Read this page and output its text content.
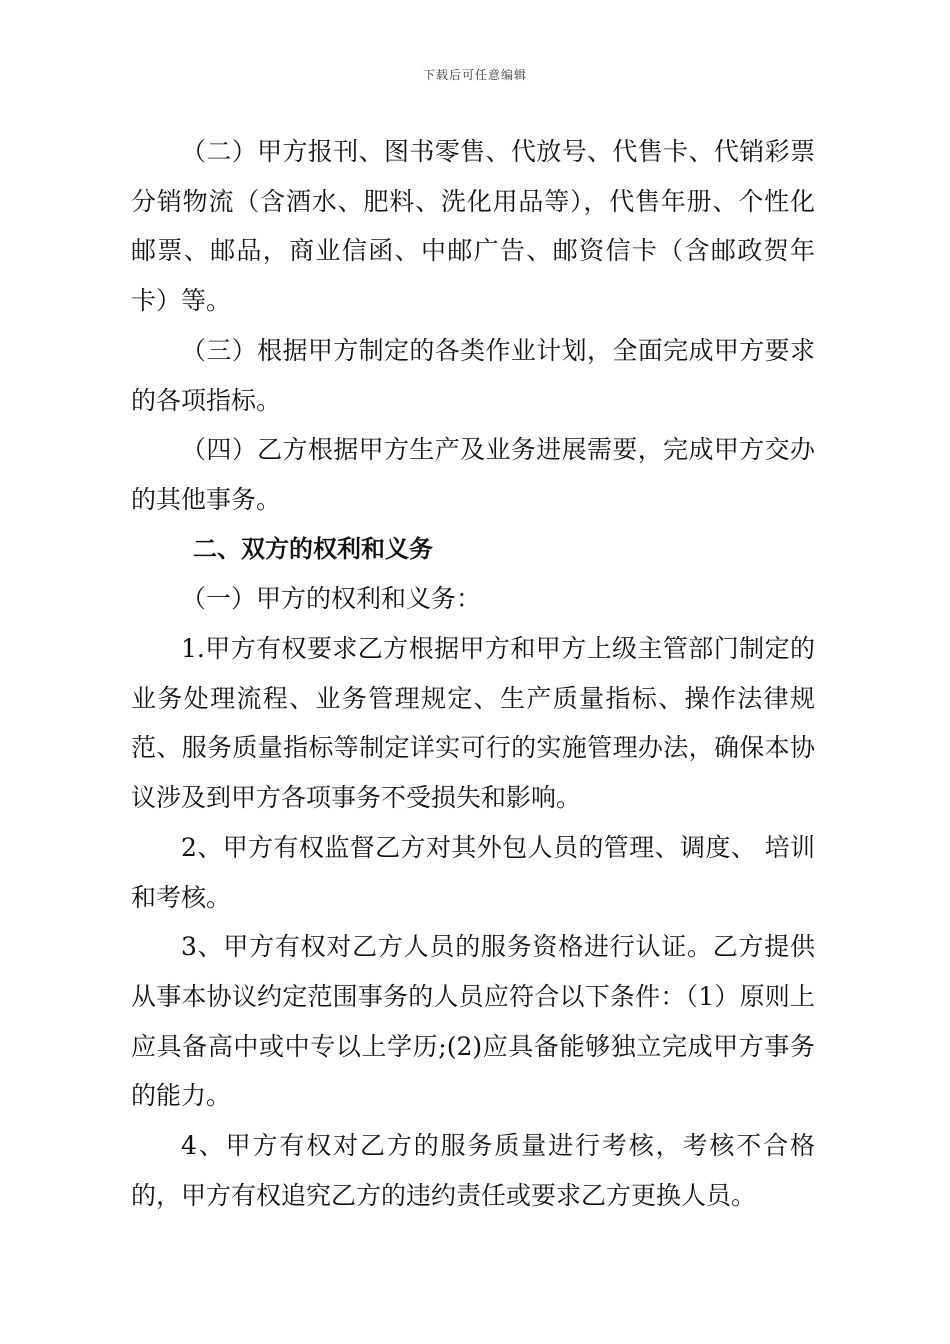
下载后可任意编辑

（二）甲方报刊、图书零售、代放号、代售卡、代销彩票分销物流（含酒水、肥料、洗化用品等），代售年册、个性化邮票、邮品，商业信函、中邮广告、邮资信卡（含邮政贺年卡）等。

（三）根据甲方制定的各类作业计划，全面完成甲方要求的各项指标。

（四）乙方根据甲方生产及业务进展需要，完成甲方交办的其他事务。

二、双方的权利和义务

（一）甲方的权利和义务：

1.甲方有权要求乙方根据甲方和甲方上级主管部门制定的业务处理流程、业务管理规定、生产质量指标、操作法律规范、服务质量指标等制定详实可行的实施管理办法，确保本协议涉及到甲方各项事务不受损失和影响。

2、甲方有权监督乙方对其外包人员的管理、调度、 培训和考核。

3、甲方有权对乙方人员的服务资格进行认证。乙方提供从事本协议约定范围事务的人员应符合以下条件：（1）原则上应具备高中或中专以上学历;(2)应具备能够独立完成甲方事务的能力。

4、甲方有权对乙方的服务质量进行考核，考核不合格的，甲方有权追究乙方的违约责任或要求乙方更换人员。
